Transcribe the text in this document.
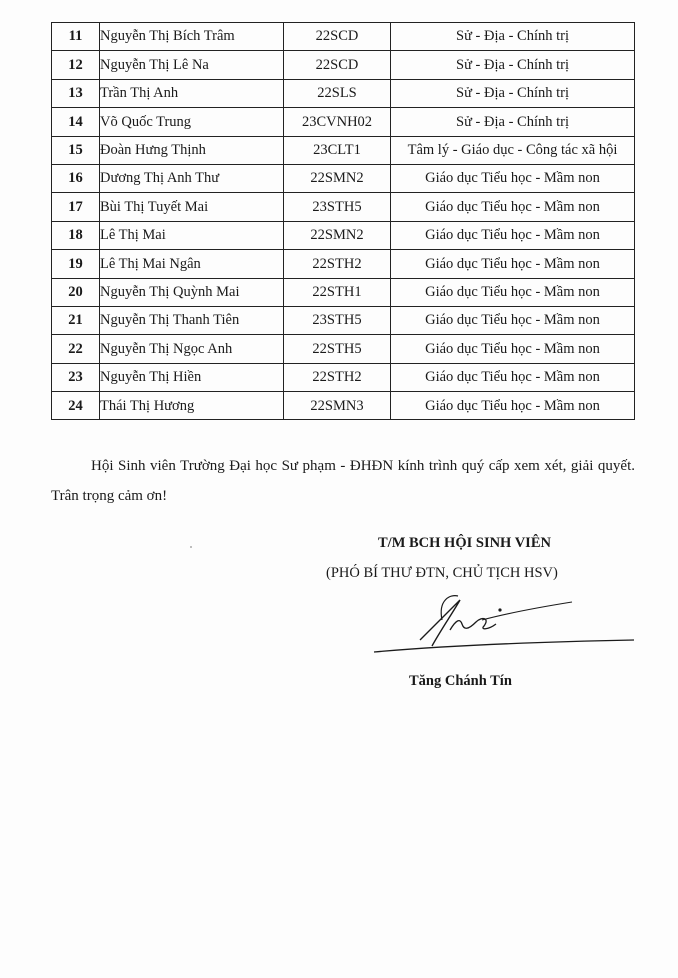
11	Nguyễn Thị Bích Trâm	22SCD	Sử - Địa - Chính trị
12	Nguyễn Thị Lê Na	22SCD	Sử - Địa - Chính trị
13	Trần Thị Anh	22SLS	Sử - Địa - Chính trị
14	Võ Quốc Trung	23CVNH02	Sử - Địa - Chính trị
15	Đoàn Hưng Thịnh	23CLT1	Tâm lý - Giáo dục - Công tác xã hội
16	Dương Thị Anh Thư	22SMN2	Giáo dục Tiểu học - Mầm non
17	Bùi Thị Tuyết Mai	23STH5	Giáo dục Tiểu học - Mầm non
18	Lê Thị Mai	22SMN2	Giáo dục Tiểu học - Mầm non
19	Lê Thị Mai Ngân	22STH2	Giáo dục Tiểu học - Mầm non
20	Nguyễn Thị Quỳnh Mai	22STH1	Giáo dục Tiểu học - Mầm non
21	Nguyễn Thị Thanh Tiên	23STH5	Giáo dục Tiểu học - Mầm non
22	Nguyễn Thị Ngọc Anh	22STH5	Giáo dục Tiểu học - Mầm non
23	Nguyễn Thị Hiền	22STH2	Giáo dục Tiểu học - Mầm non
24	Thái Thị Hương	22SMN3	Giáo dục Tiểu học - Mầm non

Hội Sinh viên Trường Đại học Sư phạm - ĐHĐN kính trình quý cấp xem xét, giải quyết. Trân trọng cảm ơn!

T/M BCH HỘI SINH VIÊN
(PHÓ BÍ THƯ ĐTN, CHỦ TỊCH HSV)
Tăng Chánh Tín
